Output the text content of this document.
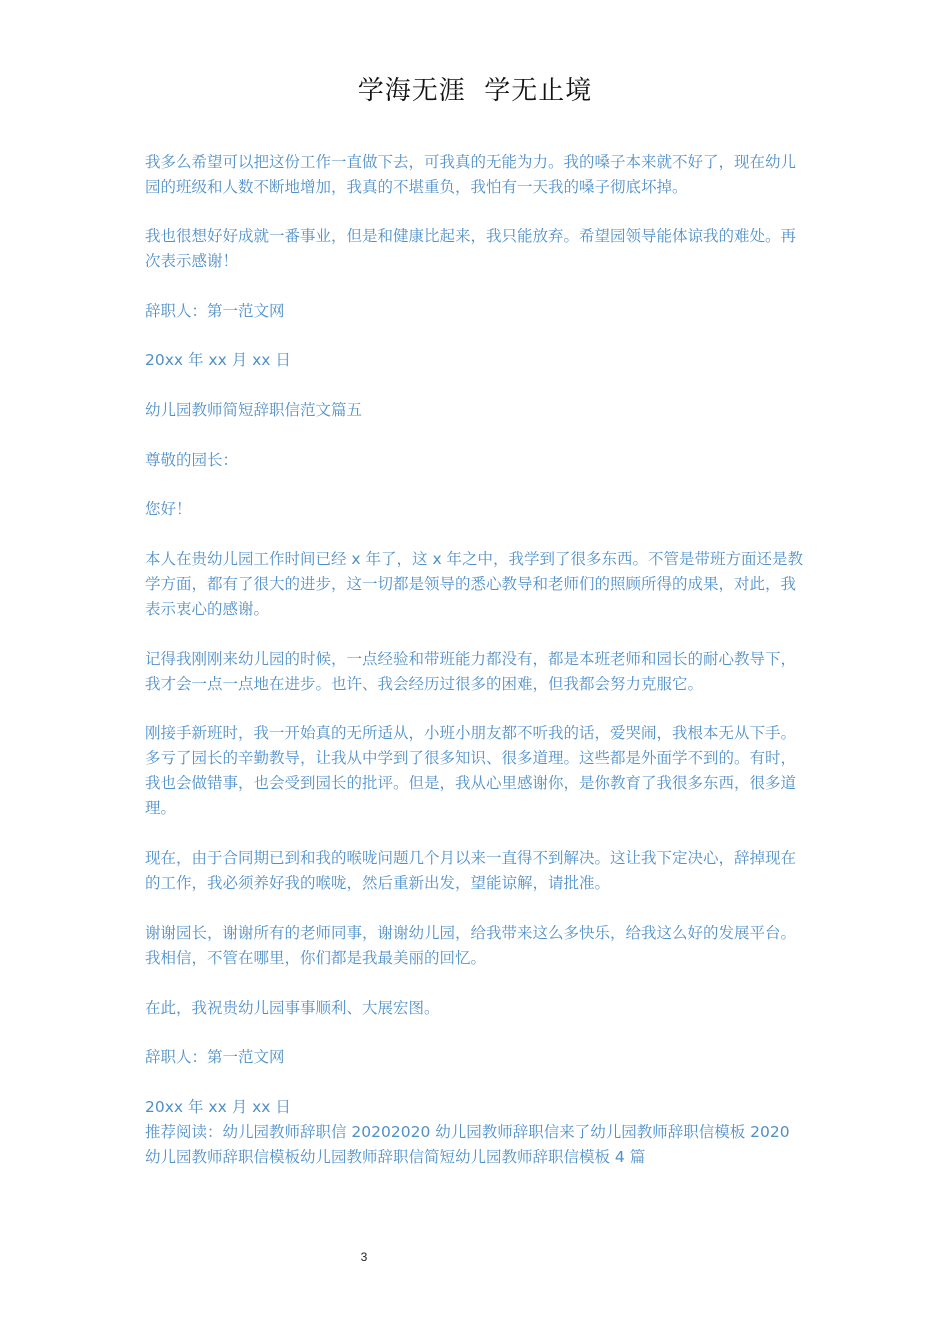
学海无涯  学无止境

我多么希望可以把这份工作一直做下去，可我真的无能为力。我的嗓子本来就不好了，现在幼儿园的班级和人数不断地增加，我真的不堪重负，我怕有一天我的嗓子彻底坏掉。

我也很想好好成就一番事业，但是和健康比起来，我只能放弃。希望园领导能体谅我的难处。再次表示感谢！

辞职人：第一范文网

20xx 年 xx 月 xx 日

幼儿园教师简短辞职信范文篇五

尊敬的园长：

您好！

本人在贵幼儿园工作时间已经 x 年了，这 x 年之中，我学到了很多东西。不管是带班方面还是教学方面，都有了很大的进步，这一切都是领导的悉心教导和老师们的照顾所得的成果，对此，我表示衷心的感谢。

记得我刚刚来幼儿园的时候，一点经验和带班能力都没有，都是本班老师和园长的耐心教导下，我才会一点一点地在进步。也许、我会经历过很多的困难，但我都会努力克服它。

刚接手新班时，我一开始真的无所适从，小班小朋友都不听我的话，爱哭闹，我根本无从下手。多亏了园长的辛勤教导，让我从中学到了很多知识、很多道理。这些都是外面学不到的。有时，我也会做错事，也会受到园长的批评。但是，我从心里感谢你，是你教育了我很多东西，很多道理。

现在，由于合同期已到和我的喉咙问题几个月以来一直得不到解决。这让我下定决心，辞掉现在的工作，我必须养好我的喉咙，然后重新出发，望能谅解，请批准。

谢谢园长，谢谢所有的老师同事，谢谢幼儿园，给我带来这么多快乐，给我这么好的发展平台。我相信，不管在哪里，你们都是我最美丽的回忆。

在此，我祝贵幼儿园事事顺利、大展宏图。

辞职人：第一范文网

20xx 年 xx 月 xx 日

推荐阅读：幼儿园教师辞职信 20202020 幼儿园教师辞职信来了幼儿园教师辞职信模板 2020 幼儿园教师辞职信模板幼儿园教师辞职信简短幼儿园教师辞职信模板 4 篇

3
